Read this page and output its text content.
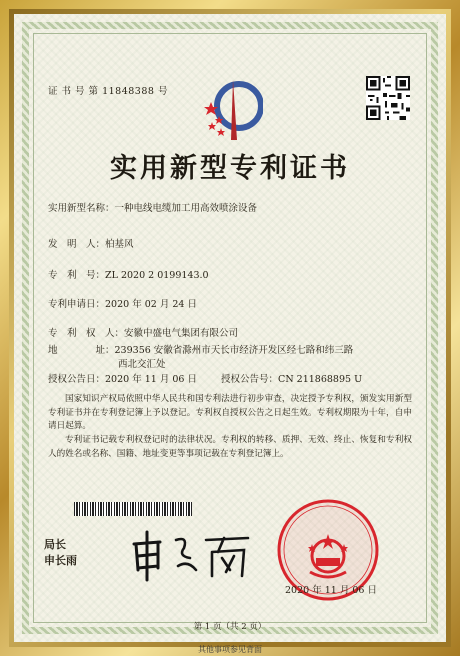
证 书 号 第 11848388 号
实用新型专利证书
实用新型名称：一种电线电缆加工用高效喷涂设备
发　明　人：柏基风
专　利　号：ZL 2020 2 0199143.0
专利申请日：2020 年 02 月 24 日
专　利　权　人：安徽中盛电气集团有限公司
地　　　　址：239356 安徽省滁州市天长市经济开发区经七路和纬三路
西北交汇处
授权公告日：2020 年 11 月 06 日	授权公告号：CN 211868895 U
国家知识产权局依照中华人民共和国专利法进行初步审查，决定授予专利权，颁发实用新型专利证书并在专利登记簿上予以登记。专利权自授权公告之日起生效。专利权期限为十年，自申请日起算。
专利证书记载专利权登记时的法律状况。专利权的转移、质押、无效、终止、恢复和专利权人的姓名或名称、国籍、地址变更等事项记载在专利登记簿上。
局长
申长雨
2020 年 11 月 06 日
第 1 页（共 2 页）
其他事项参见背面
